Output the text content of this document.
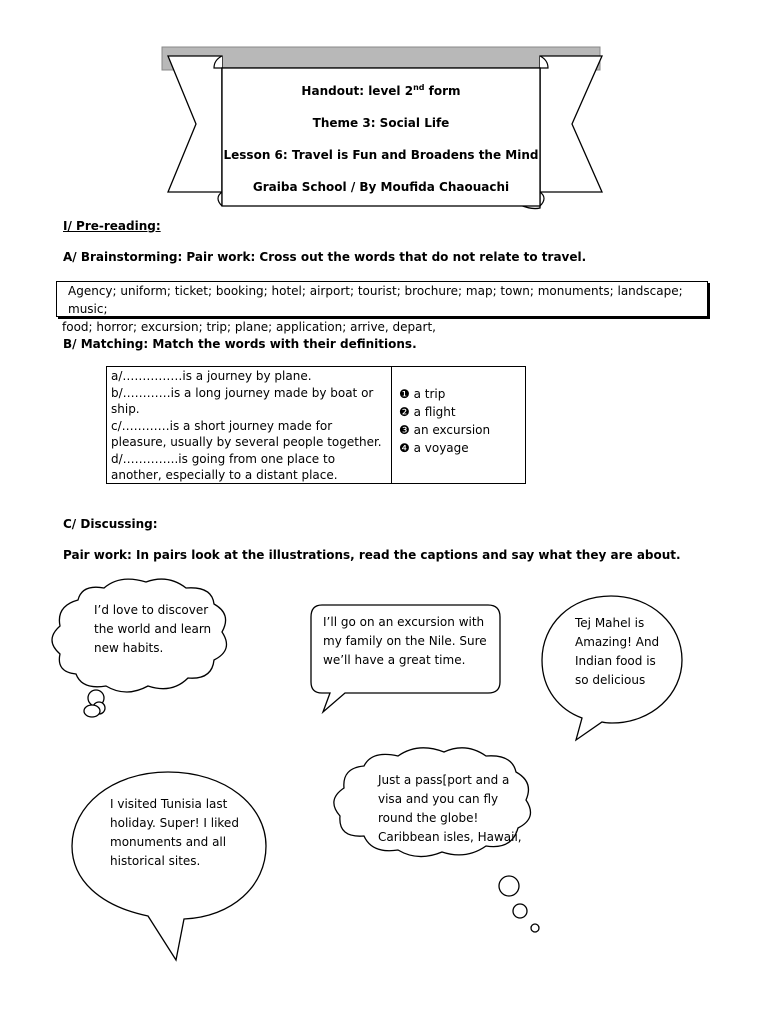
Handout: level 2nd form
Theme 3: Social Life
Lesson 6: Travel is Fun and Broadens the Mind
Graiba School / By Moufida Chaouachi
I/ Pre-reading:
A/ Brainstorming: Pair work: Cross out the words that do not relate to travel.
Agency; uniform; ticket; booking; hotel; airport; tourist; brochure; map; town; monuments; landscape; music;
food; horror; excursion; trip; plane; application; arrive, depart,
B/ Matching: Match the words with their definitions.
a/……………is a journey by plane.
b/…………is a long journey made by boat or ship.
c/…………is a short journey made for pleasure, usually by several people together.
d/…………..is going from one place to another, especially to a distant place.
❶ a trip
❷ a flight
❸ an excursion
❹ a voyage
C/ Discussing:
Pair work: In pairs look at the illustrations, read the captions and say what they are about.
I’d love to discover
the world and learn
new habits.
I’ll go on an excursion with
my family on the Nile. Sure
we’ll have a great time.
Tej Mahel is
Amazing! And
Indian food is
so delicious
I visited Tunisia last
holiday. Super! I liked
monuments and all
historical sites.
Just a pass[port and a
visa and you can fly
round the globe!
Caribbean isles, Hawaii,
